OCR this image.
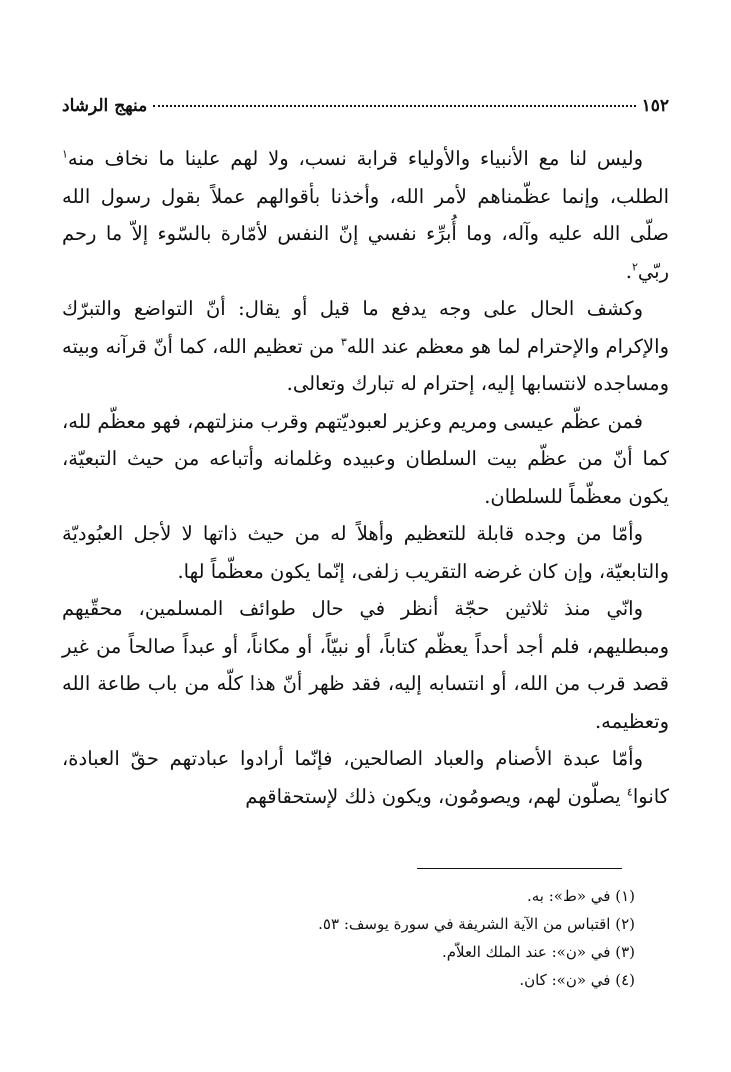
١٥٢
منهج الرشاد

وليس لنا مع الأنبياء والأولياء قرابة نسب، ولا لهم علينا ما نخاف منه$^١$ الطلب، وإنما عظّمناهم لأمر الله، وأخذنا بأقوالهم عملاً بقول رسول الله صلّى الله عليه وآله، وما أُبرِّء نفسي إنّ النفس لأمّارة بالسّوء إلاّ ما رحم ربّي$^٢$.

وكشف الحال على وجه يدفع ما قيل أو يقال: أنّ التواضع والتبرّك والإكرام والإحترام لما هو معظم عند الله$^٣$ من تعظيم الله، كما أنّ قرآنه وبيته ومساجده لانتسابها إليه، إحترام له تبارك وتعالى.

فمن عظّم عيسى ومريم وعزير لعبوديّتهم وقرب منزلتهم، فهو معظّم لله، كما أنّ من عظّم بيت السلطان وعبيده وغلمانه وأتباعه من حيث التبعيّة، يكون معظّماً للسلطان.

وأمّا من وجده قابلة للتعظيم وأهلاً له من حيث ذاتها لا لأجل العبُوديّة والتابعيّة، وإن كان غرضه التقريب زلفى، إنّما يكون معظّماً لها.

وانّي منذ ثلاثين حجّة أنظر في حال طوائف المسلمين، محقّيهم ومبطليهم، فلم أجد أحداً يعظّم كتاباً، أو نبيّاً، أو مكاناً، أو عبداً صالحاً من غير قصد قرب من الله، أو انتسابه إليه، فقد ظهر أنّ هذا كلّه من باب طاعة الله وتعظيمه.

وأمّا عبدة الأصنام والعباد الصالحين، فإنّما أرادوا عبادتهم حقّ العبادة، كانوا$^٤$ يصلّون لهم، ويصومُون، ويكون ذلك لإستحقاقهم

(١) في «ط»: به.
(٢) اقتباس من الآية الشريفة في سورة يوسف: ٥٣.
(٣) في «ن»: عند الملك العلاّم.
(٤) في «ن»: كان.
